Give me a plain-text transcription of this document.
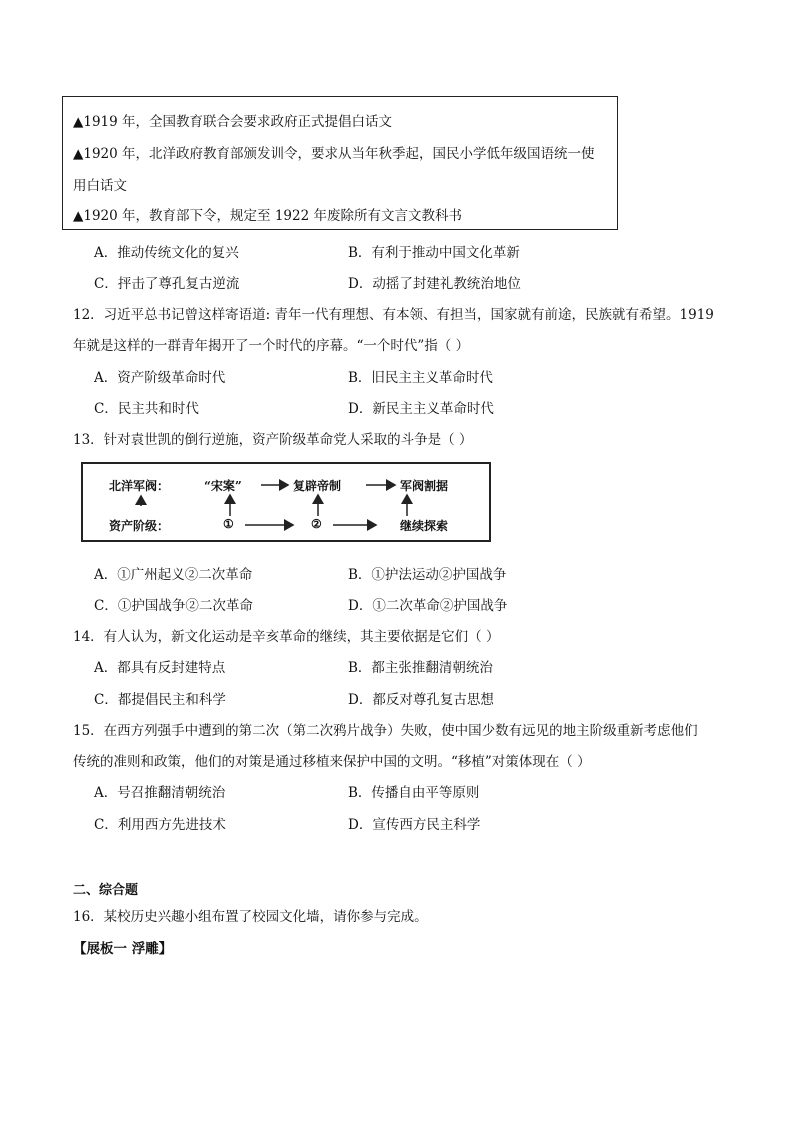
▲1919 年，全国教育联合会要求政府正式提倡白话文
▲1920 年，北洋政府教育部颁发训令，要求从当年秋季起，国民小学低年级国语统一使
用白话文
▲1920 年，教育部下令，规定至 1922 年废除所有文言文教科书
A．推动传统文化的复兴	B．有利于推动中国文化革新
C．抨击了尊孔复古逆流	D．动摇了封建礼教统治地位
12．习近平总书记曾这样寄语道: 青年一代有理想、有本领、有担当，国家就有前途，民族就有希望。1919
年就是这样的一群青年揭开了一个时代的序幕。“一个时代”指（ ）
A．资产阶级革命时代	B．旧民主主义革命时代
C．民主共和时代	D．新民主主义革命时代
13．针对袁世凯的倒行逆施，资产阶级革命党人采取的斗争是（ ）
北洋军阀：	“宋案”	复辟帝制	军阀割据
资产阶级：	①	②	继续探索
A．①广州起义②二次革命	B．①护法运动②护国战争
C．①护国战争②二次革命	D．①二次革命②护国战争
14．有人认为，新文化运动是辛亥革命的继续，其主要依据是它们（ ）
A．都具有反封建特点	B．都主张推翻清朝统治
C．都提倡民主和科学	D．都反对尊孔复古思想
15．在西方列强手中遭到的第二次（第二次鸦片战争）失败，使中国少数有远见的地主阶级重新考虑他们
传统的准则和政策，他们的对策是通过移植来保护中国的文明。“移植”对策体现在（ ）
A．号召推翻清朝统治	B．传播自由平等原则
C．利用西方先进技术	D．宣传西方民主科学
二、综合题
16．某校历史兴趣小组布置了校园文化墙，请你参与完成。
【展板一 浮雕】
